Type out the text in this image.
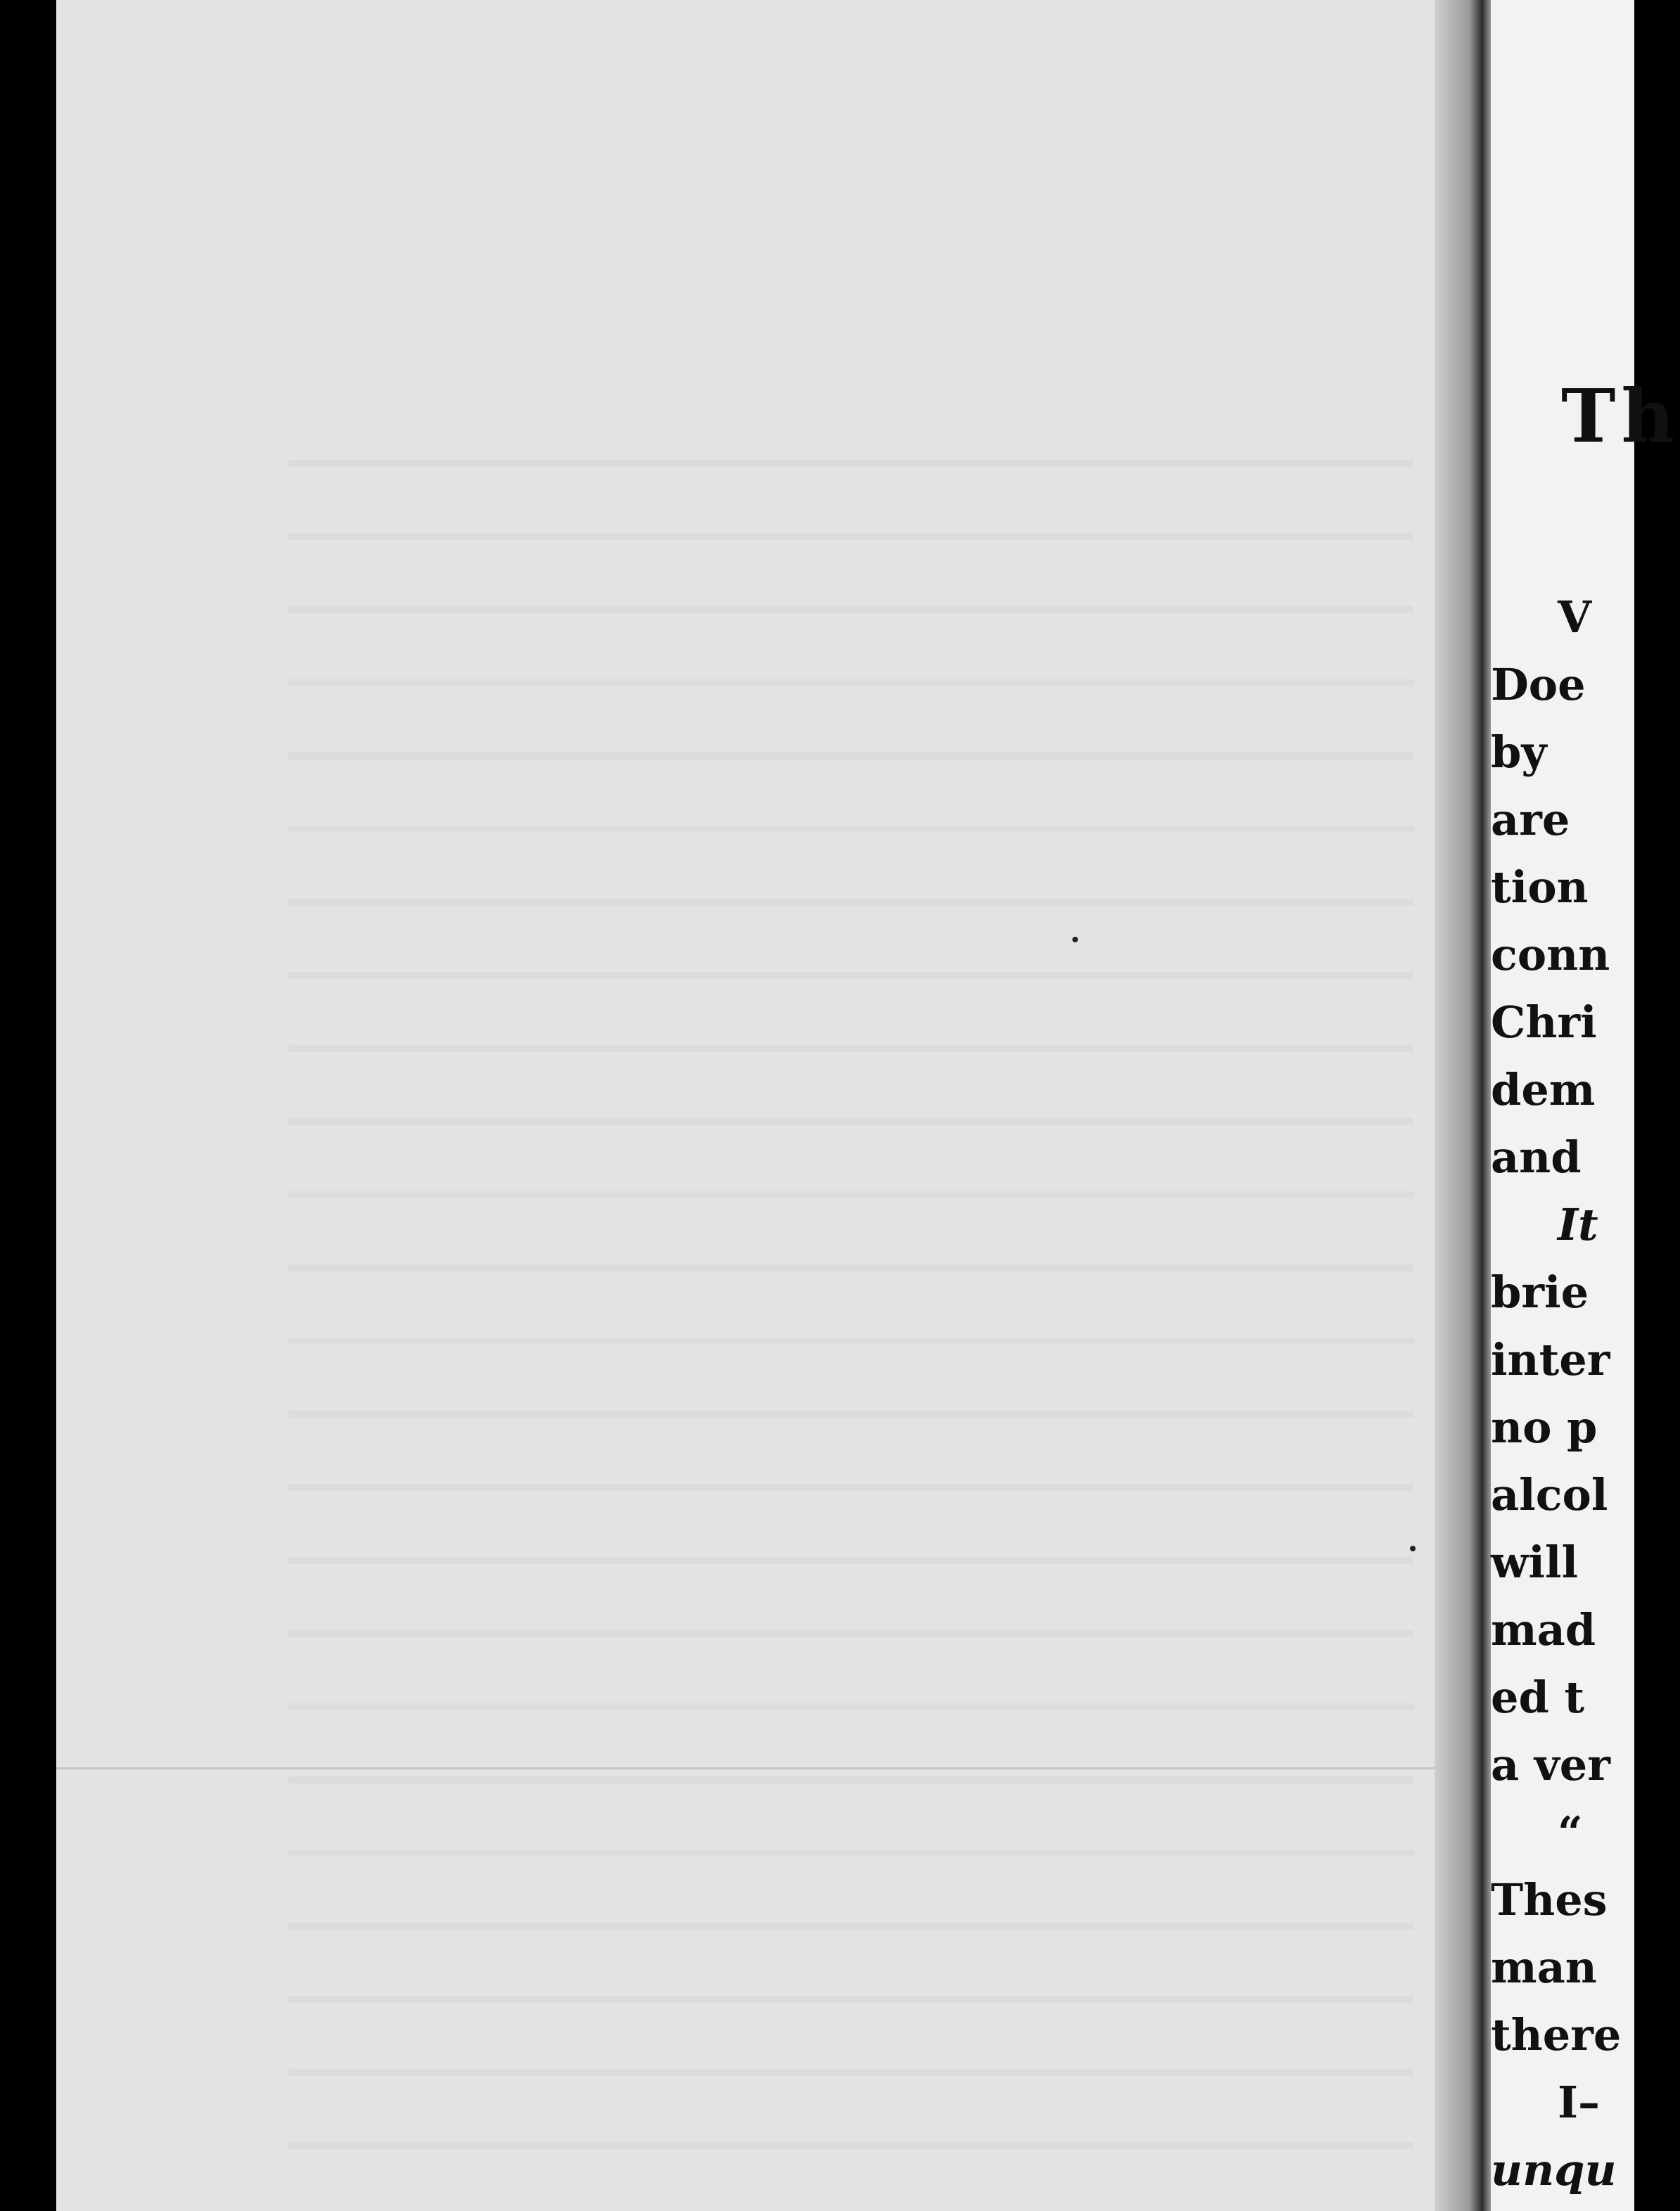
Th
V
Doe
by
are
tion
conn
Chri
dem
and
It
brie
inter
no p
alcol
will
mad
ed t
a ver
“
Thes
man
there
I–
unqu
